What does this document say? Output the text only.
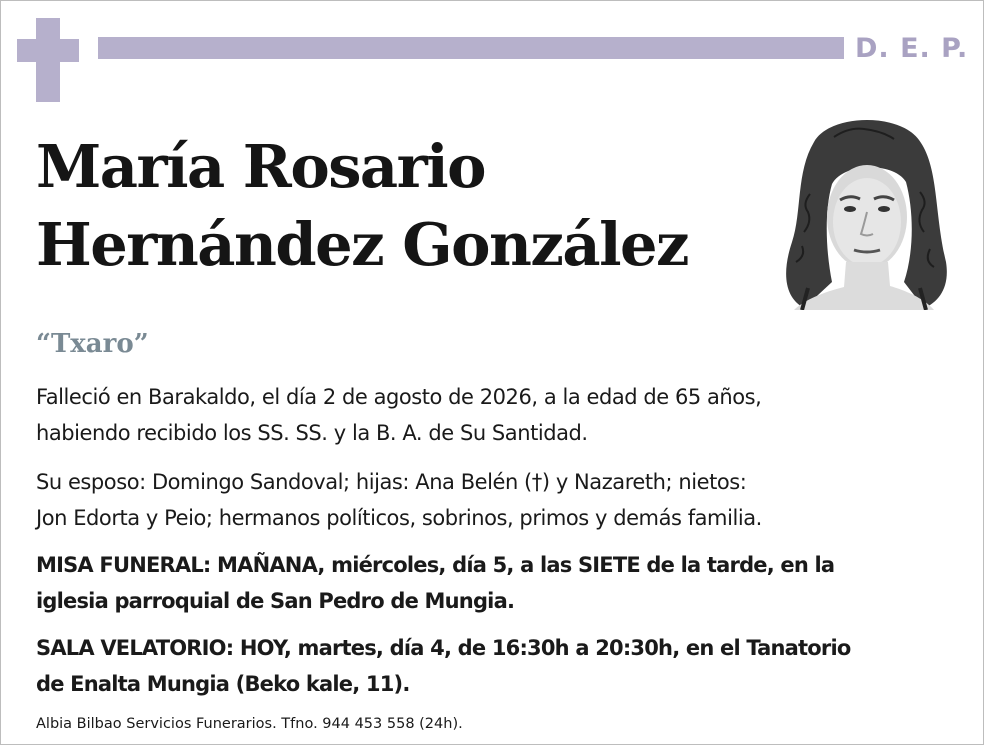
D. E. P.
María Rosario
Hernández González
“Txaro”
Falleció en Barakaldo, el día 2 de agosto de 2026, a la edad de 65 años,
habiendo recibido los SS. SS. y la B. A. de Su Santidad.
Su esposo: Domingo Sandoval; hijas: Ana Belén (†) y Nazareth; nietos:
Jon Edorta y Peio; hermanos políticos, sobrinos, primos y demás familia.
MISA FUNERAL: MAÑANA, miércoles, día 5, a las SIETE de la tarde, en la
iglesia parroquial de San Pedro de Mungia.
SALA VELATORIO: HOY, martes, día 4, de 16:30h a 20:30h, en el Tanatorio
de Enalta Mungia (Beko kale, 11).
Albia Bilbao Servicios Funerarios. Tfno. 944 453 558 (24h).
